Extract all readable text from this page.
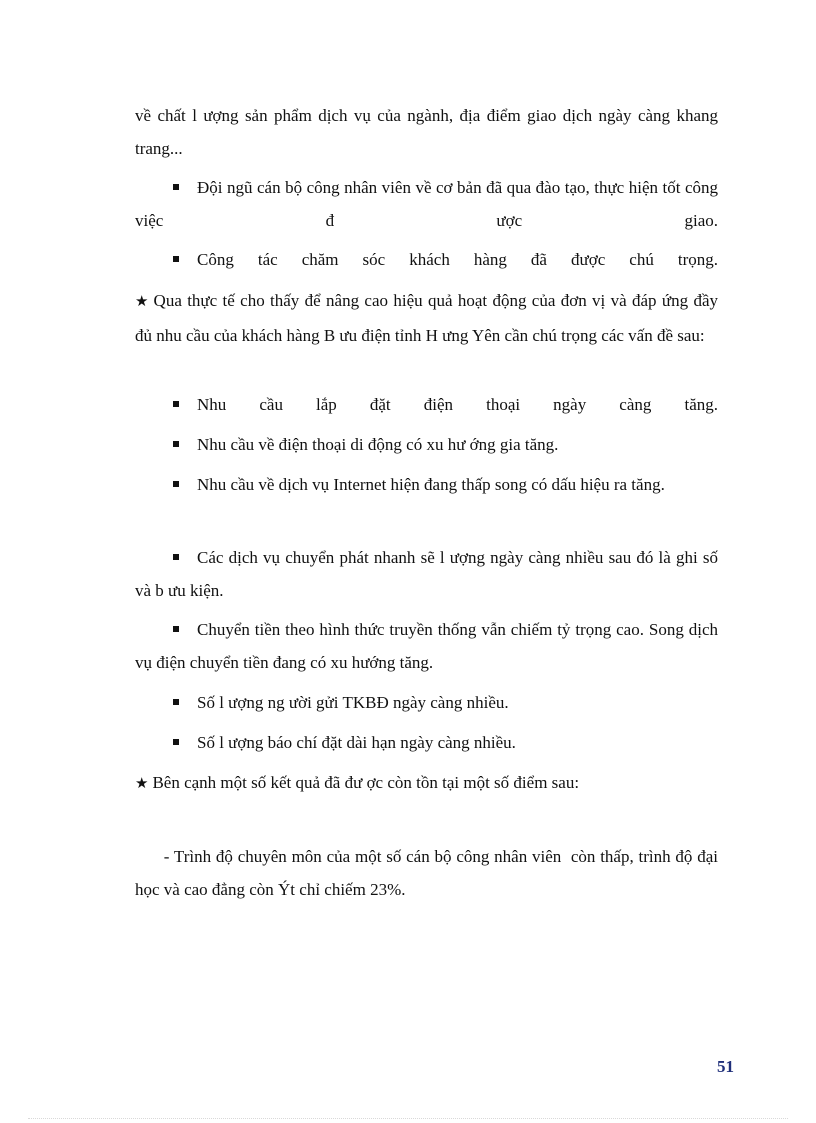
về chất l ượng sản phẩm dịch vụ của ngành, địa điểm giao dịch ngày càng khang trang...

Đội ngũ cán bộ công nhân viên về cơ bản đã qua đào tạo, thực hiện tốt công việc đ ược giao.

Công tác chăm sóc khách hàng đã được chú trọng.

★ Qua thực tế cho thấy để nâng cao hiệu quả hoạt động của đơn vị và đáp ứng đầy đủ nhu cầu của khách hàng B ưu điện tỉnh H ưng Yên cần chú trọng các vấn đề sau:

Nhu cầu lắp đặt điện thoại ngày càng tăng.

Nhu cầu về điện thoại di động có xu hư ớng gia tăng.

Nhu cầu về dịch vụ Internet hiện đang thấp song có dấu hiệu ra tăng.

Các dịch vụ chuyển phát nhanh sẽ l ượng ngày càng nhiều sau đó là ghi số và b ưu kiện.

Chuyển tiền theo hình thức truyền thống vẫn chiếm tỷ trọng cao. Song dịch vụ điện chuyển tiền đang có xu hướng tăng.

Số l ượng ng ười gửi TKBĐ ngày càng nhiều.

Số l ượng báo chí đặt dài hạn ngày càng nhiều.

★ Bên cạnh một số kết quả đã đư ợc còn tồn tại một số điểm sau:

- Trình độ chuyên môn của một số cán bộ công nhân viên  còn thấp, trình độ đại học và cao đẳng còn Ýt chỉ chiếm 23%.

51
